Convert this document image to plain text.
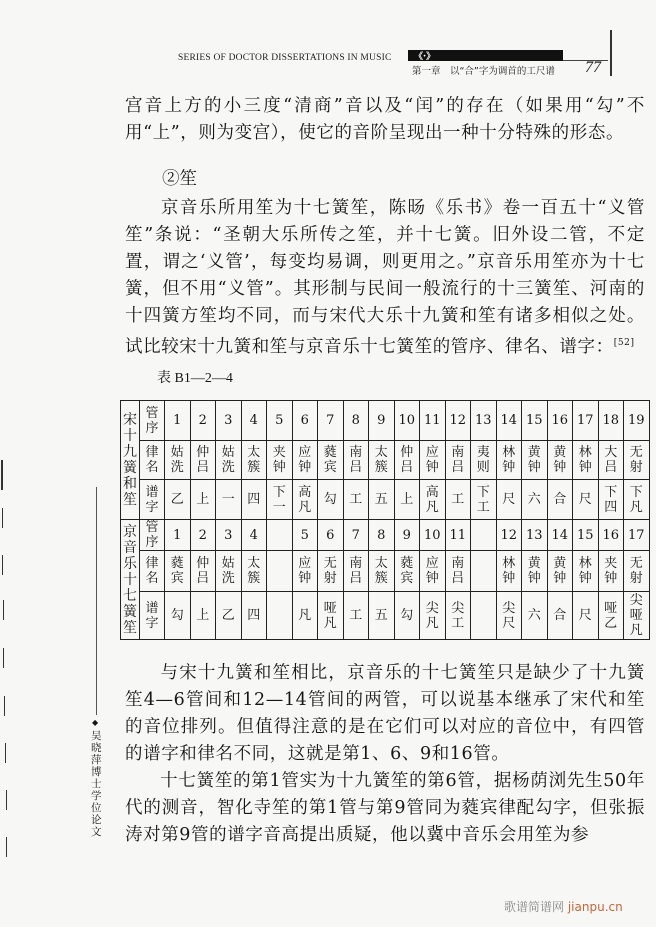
SERIES OF DOCTOR DISSERTATIONS IN MUSIC	《·》
第一章　以“合”字为调首的工尺谱 77
宫音上方的小三度“清商”音以及“闰”的存在（如果用“勾”不用“上”，则为变宫），使它的音阶呈现出一种十分特殊的形态。
②笙
京音乐所用笙为十七簧笙，陈旸《乐书》卷一百五十“义管笙”条说：“圣朝大乐所传之笙，并十七簧。旧外设二管，不定置，谓之‘义管’，每变均易调，则更用之。”京音乐用笙亦为十七簧，但不用“义管”。其形制与民间一般流行的十三簧笙、河南的十四簧方笙均不同，而与宋代大乐十九簧和笙有诸多相似之处。试比较宋十九簧和笙与京音乐十七簧笙的管序、律名、谱字：[52]
表 B1—2—4
宋十九簧和笙	管序	1	2	3	4	5	6	7	8	9	10	11	12	13	14	15	16	17	18	19
	律名	姑洗	仲吕	姑洗	太簇	夹钟	应钟	蕤宾	南吕	太簇	仲吕	应钟	南吕	夷则	林钟	黄钟	黄钟	林钟	大吕	无射
	谱字	乙	上	一	四	下一	高凡	勾	工	五	上	高凡	工	下工	尺	六	合	尺	下四	下凡
京音乐十七簧笙	管序	1	2	3	4		5	6	7	8	9	10	11		12	13	14	15	16	17
	律名	蕤宾	仲吕	姑洗	太簇		应钟	无射	南吕	太簇	蕤宾	应钟	南吕		林钟	黄钟	黄钟	林钟	夹钟	无射
	谱字	勾	上	乙	四		凡	哑凡	工	五	勾	尖凡	尖工		尖尺	六	合	尺	哑乙	尖哑凡
与宋十九簧和笙相比，京音乐的十七簧笙只是缺少了十九簧笙4—6管间和12—14管间的两管，可以说基本继承了宋代和笙的音位排列。但值得注意的是在它们可以对应的音位中，有四管的谱字和律名不同，这就是第1、6、9和16管。
十七簧笙的第1管实为十九簧笙的第6管，据杨荫浏先生50年代的测音，智化寺笙的第1管与第9管同为蕤宾律配勾字，但张振涛对第9管的谱字音高提出质疑，他以冀中音乐会用笙为参
◆
吴晓萍博士学位论文
歌谱简谱网 jianpu.cn
